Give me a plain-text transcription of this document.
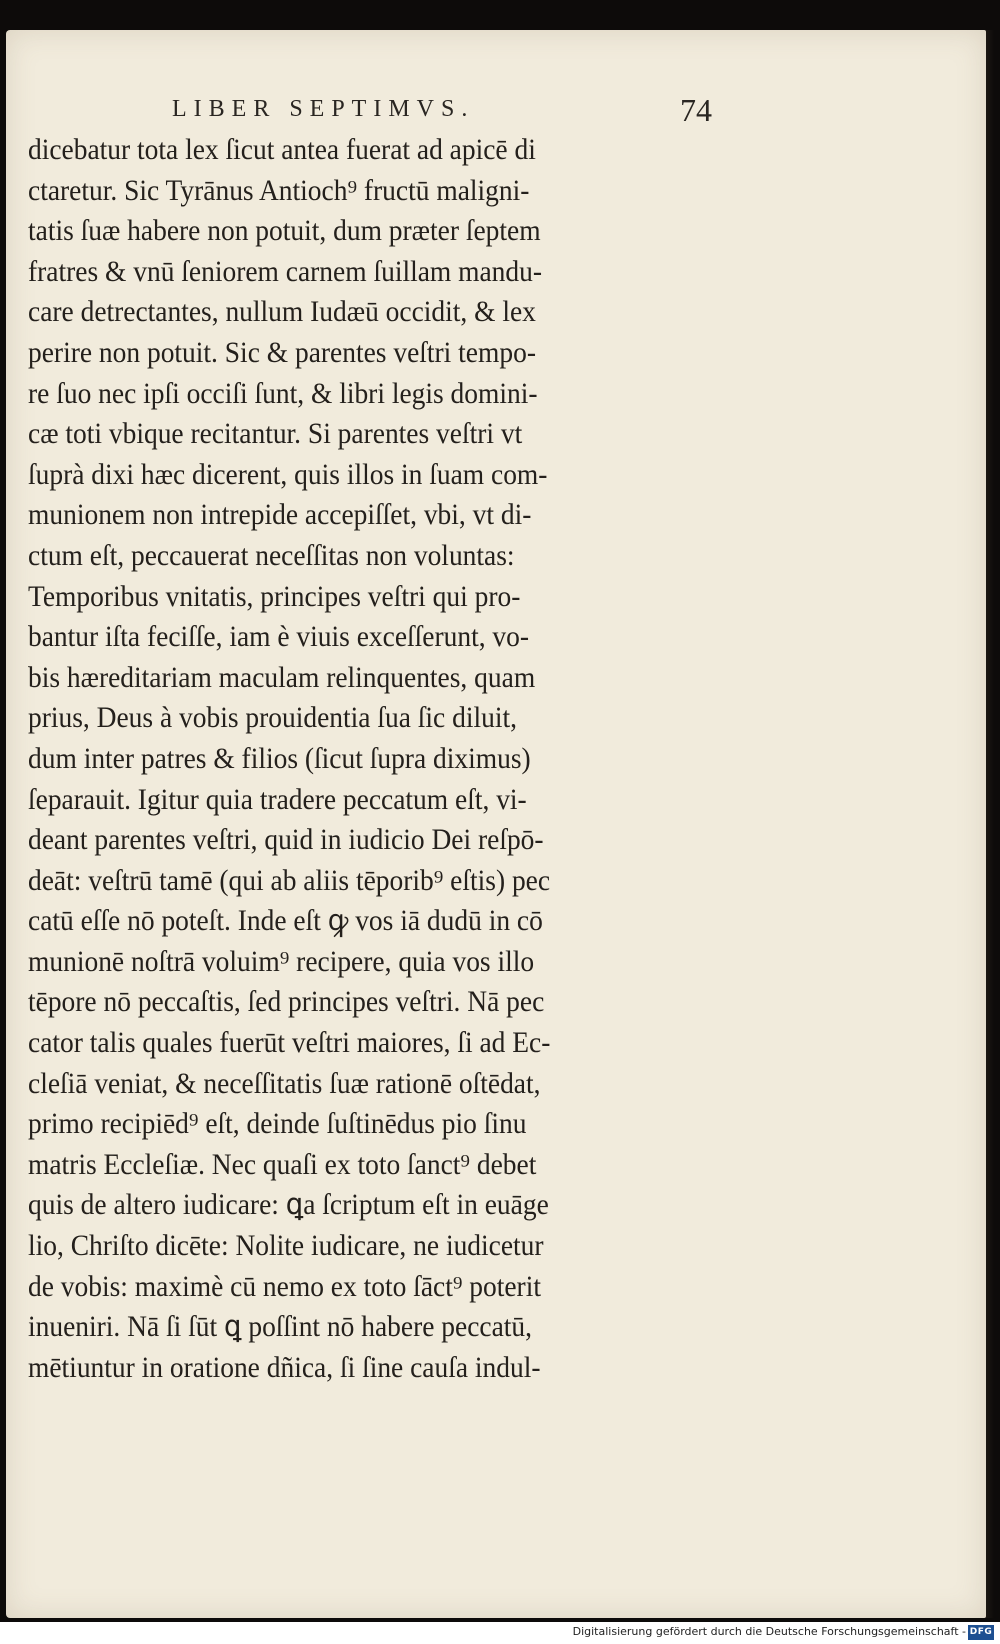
LIBER SEPTIMVS.	74
dicebatur tota lex ſicut antea fuerat ad apicē di
ctaretur. Sic Tyrānus Antioch⁹ fructū maligni-
tatis ſuæ habere non potuit, dum præter ſeptem
fratres & vnū ſeniorem carnem ſuillam mandu-
care detrectantes, nullum Iudæū occidit, & lex
perire non potuit. Sic & parentes veſtri tempo-
re ſuo nec ipſi occiſi ſunt, & libri legis domini-
cæ toti vbique recitantur. Si parentes veſtri vt
ſuprà dixi hæc dicerent, quis illos in ſuam com-
munionem non intrepide accepiſſet, vbi, vt di-
ctum eſt, peccauerat neceſſitas non voluntas:
Temporibus vnitatis, principes veſtri qui pro-
bantur iſta feciſſe, iam è viuis exceſſerunt, vo-
bis hæreditariam maculam relinquentes, quam
prius, Deus à vobis prouidentia ſua ſic diluit,
dum inter patres & filios (ſicut ſupra diximus)
ſeparauit. Igitur quia tradere peccatum eſt, vi-
deant parentes veſtri, quid in iudicio Dei reſpō-
deāt: veſtrū tamē (qui ab aliis tēporib⁹ eſtis) pec
catū eſſe nō poteſt. Inde eſt ꝙ vos iā dudū in cō
munionē noſtrā voluim⁹ recipere, quia vos illo
tēpore nō peccaſtis, ſed principes veſtri. Nā pec
cator talis quales fuerūt veſtri maiores, ſi ad Ec-
cleſiā veniat, & neceſſitatis ſuæ rationē oſtēdat,
primo recipiēd⁹ eſt, deinde ſuſtinēdus pio ſinu
matris Eccleſiæ. Nec quaſi ex toto ſanct⁹ debet
quis de altero iudicare: ꝗa ſcriptum eſt in euāge
lio, Chriſto dicēte: Nolite iudicare, ne iudicetur
de vobis: maximè cū nemo ex toto ſāct⁹ poterit
inueniri. Nā ſi ſūt ꝗ poſſint nō habere peccatū,
mētiuntur in oratione dñica, ſi ſine cauſa indul-
Digitalisierung gefördert durch die Deutsche Forschungsgemeinschaft - DFG
